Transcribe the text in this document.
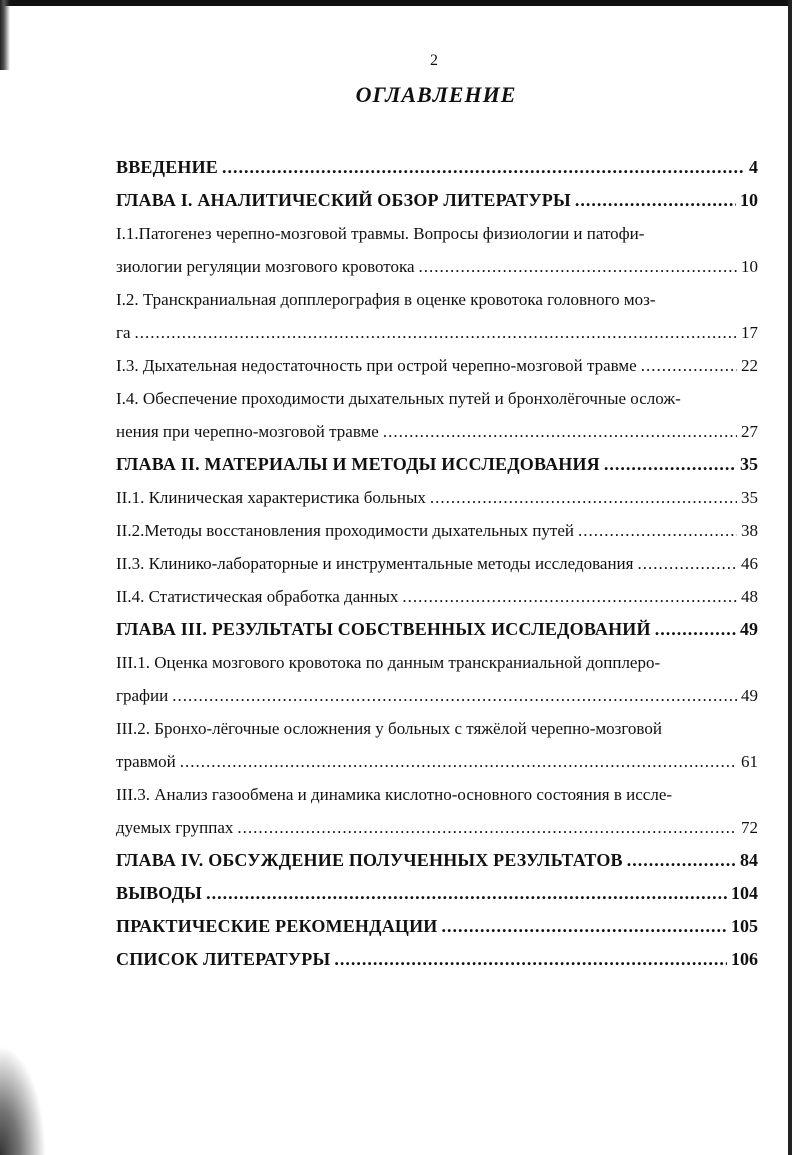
2
ОГЛАВЛЕНИЕ
ВВЕДЕНИЕ .....	4
ГЛАВА I. АНАЛИТИЧЕСКИЙ ОБЗОР ЛИТЕРАТУРЫ .....	10
I.1.Патогенез черепно-мозговой травмы. Вопросы физиологии и патофи-
зиологии регуляции мозгового кровотока .....	10
I.2. Транскраниальная допплерография в оценке кровотока головного моз-
га .....	17
I.3. Дыхательная недостаточность при острой черепно-мозговой травме .....	22
I.4. Обеспечение проходимости дыхательных путей и бронхолёгочные ослож-
нения при черепно-мозговой травме .....	27
ГЛАВА II. МАТЕРИАЛЫ И МЕТОДЫ ИССЛЕДОВАНИЯ .....	35
II.1. Клиническая характеристика больных .....	35
II.2.Методы восстановления проходимости дыхательных путей .....	38
II.3. Клинико-лабораторные и инструментальные методы исследования .....	46
II.4. Статистическая обработка данных .....	48
ГЛАВА III. РЕЗУЛЬТАТЫ СОБСТВЕННЫХ ИССЛЕДОВАНИЙ .....	49
III.1. Оценка мозгового кровотока по данным транскраниальной допплеро-
графии .....	49
III.2. Бронхо-лёгочные осложнения у больных с тяжёлой черепно-мозговой
травмой .....	61
III.3. Анализ газообмена и динамика кислотно-основного состояния в иссле-
дуемых группах .....	72
ГЛАВА IV. ОБСУЖДЕНИЕ ПОЛУЧЕННЫХ РЕЗУЛЬТАТОВ .....	84
ВЫВОДЫ .....	104
ПРАКТИЧЕСКИЕ РЕКОМЕНДАЦИИ .....	105
СПИСОК ЛИТЕРАТУРЫ .....	106
